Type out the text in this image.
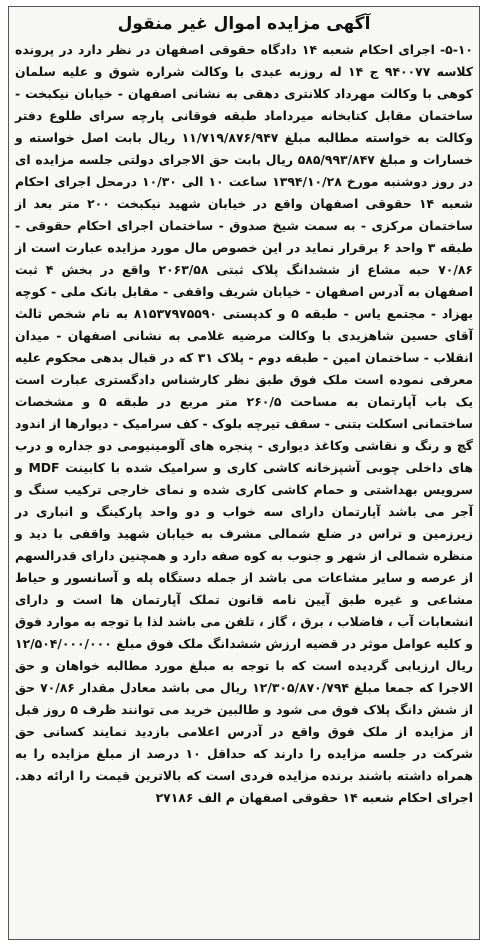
آگهی مزایده اموال غیر منقول

۵-۱۰- اجرای احکام شعبه ۱۴ دادگاه حقوقی اصفهان در نظر دارد در پرونده کلاسه ۹۴۰۰۷۷ ج ۱۴ له روزبه عبدی با وکالت شراره شوق و علیه سلمان کوهی با وکالت مهرداد کلانتری دهقی به نشانی اصفهان - خیابان نیکبخت - ساختمان مقابل کتابخانه میرداماد طبقه فوقانی پارچه سرای طلوع دفتر وکالت به خواسته مطالبه مبلغ ۱۱/۷۱۹/۸۷۶/۹۴۷ ریال بابت اصل خواسته و خسارات و مبلغ ۵۸۵/۹۹۳/۸۴۷ ریال بابت حق الاجرای دولتی جلسه مزایده ای در روز دوشنبه مورخ ۱۳۹۴/۱۰/۲۸ ساعت ۱۰ الی ۱۰/۳۰ درمحل اجرای احکام شعبه ۱۴ حقوقی اصفهان واقع در خیابان شهید نیکبخت ۲۰۰ متر بعد از ساختمان مرکزی - به سمت شیخ صدوق - ساختمان اجرای احکام حقوقی - طبقه ۳ واحد ۶ برقرار نماید در این خصوص مال مورد مزایده عبارت است از ۷۰/۸۶ حبه مشاع از ششدانگ پلاک ثبتی ۲۰۶۳/۵۸ واقع در بخش ۴ ثبت اصفهان به آدرس اصفهان - خیابان شریف واقفی - مقابل بانک ملی - کوچه بهزاد - مجتمع یاس - طبقه ۵ و کدپستی ۸۱۵۳۷۹۷۵۵۹۰ به نام شخص ثالث آقای حسین شاهزیدی با وکالت مرضیه غلامی به نشانی اصفهان - میدان انقلاب - ساختمان امین - طبقه دوم - پلاک ۳۱ که در قبال بدهی محکوم علیه معرفی نموده است ملک فوق طبق نظر کارشناس دادگستری عبارت است یک باب آپارتمان به مساحت ۲۶۰/۵ متر مربع در طبقه ۵ و مشخصات ساختمانی اسکلت بتنی - سقف تیرچه بلوک - کف سرامیک - دیوارها از اندود گچ و رنگ و نقاشی وکاغذ دیواری - پنجره های آلومینیومی دو جداره و درب های داخلی چوبی آشپزخانه کاشی کاری و سرامیک شده با کابینت MDF و سرویس بهداشتی و حمام کاشی کاری شده و نمای خارجی ترکیب سنگ و آجر می باشد آپارتمان دارای سه خواب و دو واحد پارکینگ و انباری در زیرزمین و تراس در ضلع شمالی مشرف به خیابان شهید واقفی با دید و منظره شمالی از شهر و جنوب به کوه صفه دارد و همچنین دارای قدرالسهم از عرصه و سایر مشاعات می باشد از جمله دستگاه پله و آسانسور و حیاط مشاعی و غیره طبق آیین نامه قانون تملک آپارتمان ها است و دارای انشعابات آب ، فاضلاب ، برق ، گاز ، تلفن می باشد لذا با توجه به موارد فوق و کلیه عوامل موثر در قضیه ارزش ششدانگ ملک فوق مبلغ ۱۲/۵۰۴/۰۰۰/۰۰۰ ریال ارزیابی گردیده است که با توجه به مبلغ مورد مطالبه خواهان و حق الاجرا که جمعا مبلغ ۱۲/۳۰۵/۸۷۰/۷۹۴ ریال می باشد معادل مقدار ۷۰/۸۶ حق از شش دانگ پلاک فوق می شود و طالبین خرید می توانند ظرف ۵ روز قبل از مزایده از ملک فوق واقع در آدرس اعلامی بازدید نمایند کسانی حق شرکت در جلسه مزایده را دارند که حداقل ۱۰ درصد از مبلغ مزایده را به همراه داشته باشند برنده مزایده فردی است که بالاترین قیمت را ارائه دهد. اجرای احکام شعبه ۱۴ حقوقی اصفهان م الف ۲۷۱۸۶
